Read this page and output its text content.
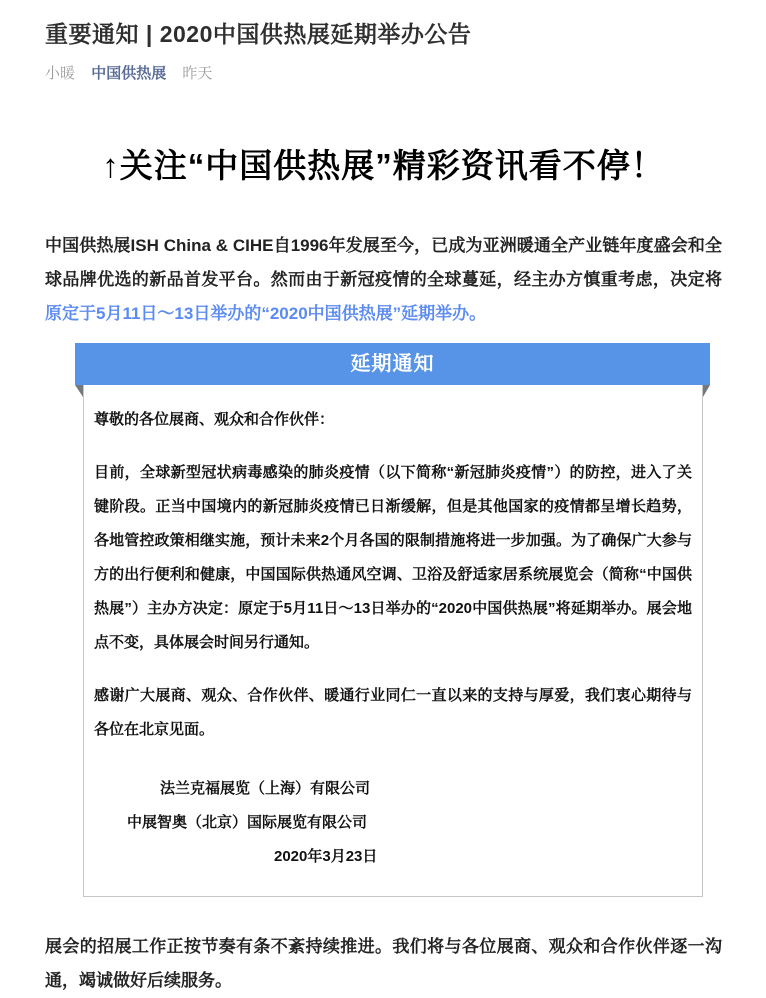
重要通知 | 2020中国供热展延期举办公告
小暖 中国供热展 昨天
↑关注“中国供热展”精彩资讯看不停！

中国供热展ISH China & CIHE自1996年发展至今，已成为亚洲暖通全产业链年度盛会和全球品牌优选的新品首发平台。然而由于新冠疫情的全球蔓延，经主办方慎重考虑，决定将原定于5月11日～13日举办的“2020中国供热展”延期举办。

延期通知
尊敬的各位展商、观众和合作伙伴：

目前，全球新型冠状病毒感染的肺炎疫情（以下简称“新冠肺炎疫情”）的防控，进入了关键阶段。正当中国境内的新冠肺炎疫情已日渐缓解，但是其他国家的疫情都呈增长趋势，各地管控政策相继实施，预计未来2个月各国的限制措施将进一步加强。为了确保广大参与方的出行便利和健康，中国国际供热通风空调、卫浴及舒适家居系统展览会（简称“中国供热展”）主办方决定：原定于5月11日～13日举办的“2020中国供热展”将延期举办。展会地点不变，具体展会时间另行通知。

感谢广大展商、观众、合作伙伴、暖通行业同仁一直以来的支持与厚爱，我们衷心期待与各位在北京见面。

法兰克福展览（上海）有限公司
中展智奥（北京）国际展览有限公司
2020年3月23日

展会的招展工作正按节奏有条不紊持续推进。我们将与各位展商、观众和合作伙伴逐一沟通，竭诚做好后续服务。
